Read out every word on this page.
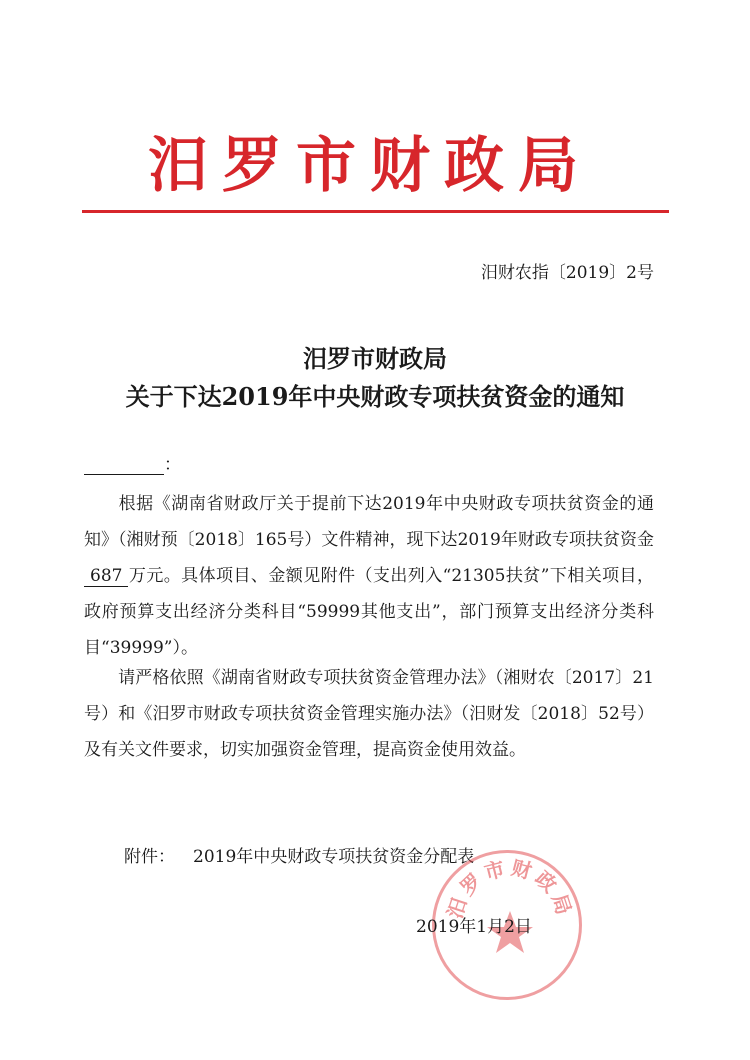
汨罗市财政局
汨财农指〔2019〕2号
汨罗市财政局
关于下达2019年中央财政专项扶贫资金的通知
：
根据《湖南省财政厅关于提前下达2019年中央财政专项扶贫资金的通知》（湘财预〔2018〕165号）文件精神，现下达2019年财政专项扶贫资金687 万元。具体项目、金额见附件（支出列入“21305扶贫”下相关项目，政府预算支出经济分类科目“59999其他支出”，部门预算支出经济分类科目“39999”）。
请严格依照《湖南省财政专项扶贫资金管理办法》（湘财农〔2017〕21号）和《汨罗市财政专项扶贫资金管理实施办法》（汨财发〔2018〕52号）及有关文件要求，切实加强资金管理，提高资金使用效益。
附件： 2019年中央财政专项扶贫资金分配表
汨罗市财政局
2019年1月2日
